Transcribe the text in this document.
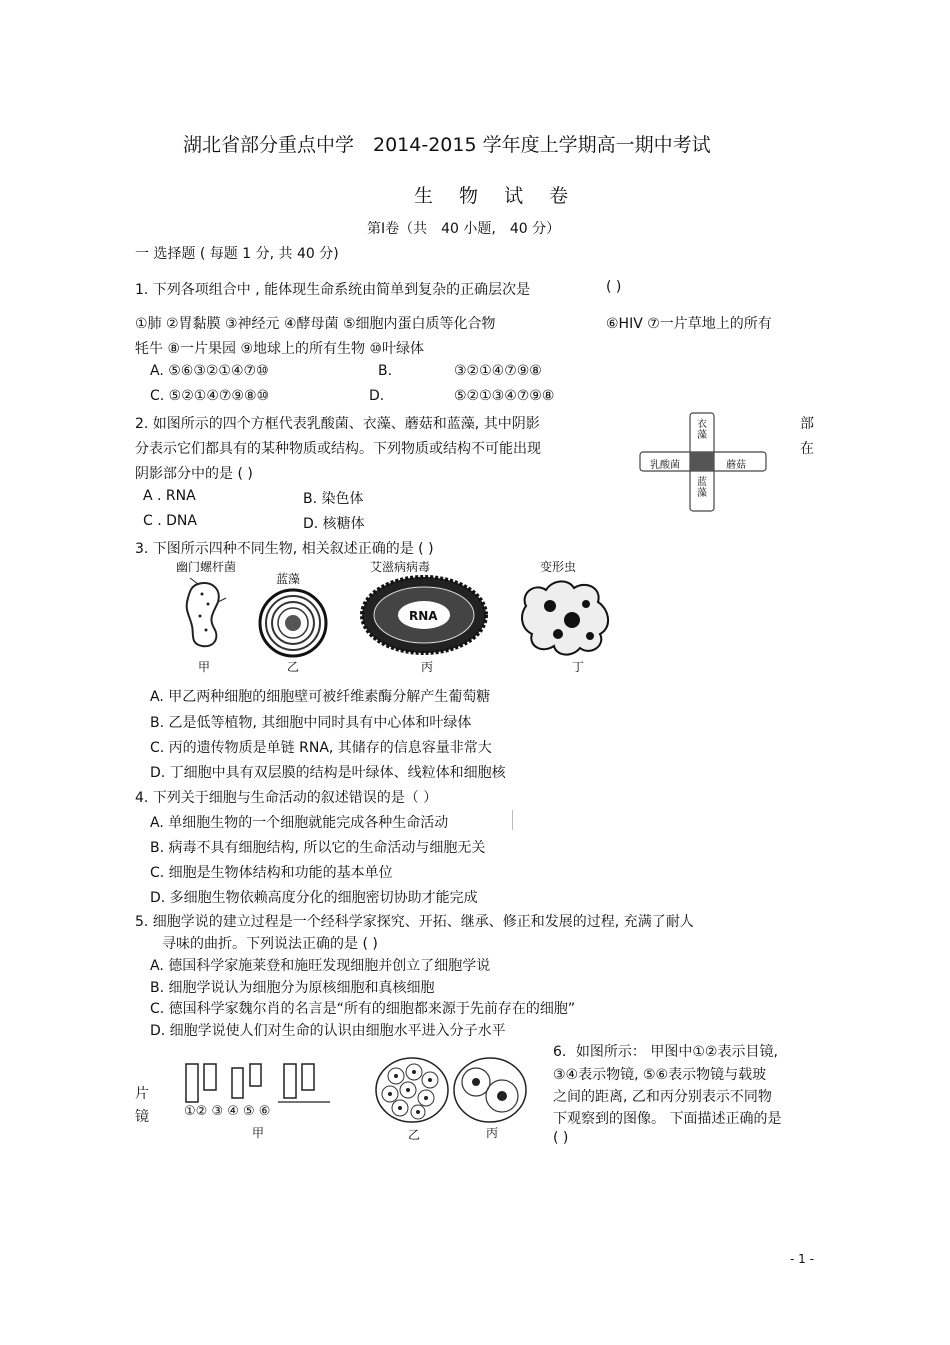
湖北省部分重点中学　2014-2015 学年度上学期高一期中考试
生 物 试 卷
第Ⅰ卷（共　40 小题,　40 分）
一 选择题 ( 每题 1 分, 共 40 分)
1. 下列各项组合中 , 能体现生命系统由简单到复杂的正确层次是	( )
①肺 ②胃黏膜 ③神经元 ④酵母菌 ⑤细胞内蛋白质等化合物	⑥HIV ⑦一片草地上的所有
牦牛 ⑧一片果园 ⑨地球上的所有生物 ⑩叶绿体
A. ⑤⑥③②①④⑦⑩	B.	③②①④⑦⑨⑧
C. ⑤②①④⑦⑨⑧⑩	D.	⑤②①③④⑦⑨⑧
2. 如图所示的四个方框代表乳酸菌、衣藻、蘑菇和蓝藻, 其中阴影	部
分表示它们都具有的某种物质或结构。下列物质或结构不可能出现	在
阴影部分中的是 ( )
A . RNA	B. 染色体
C . DNA	D. 核糖体
衣藻
乳酸菌	蘑菇
蓝藻
3. 下图所示四种不同生物, 相关叙述正确的是 ( )
幽门螺杆菌
甲
蓝藻
乙
艾滋病病毒
RNA
丙
变形虫
丁
A. 甲乙两种细胞的细胞壁可被纤维素酶分解产生葡萄糖
B. 乙是低等植物, 其细胞中同时具有中心体和叶绿体
C. 丙的遗传物质是单链 RNA, 其储存的信息容量非常大
D. 丁细胞中具有双层膜的结构是叶绿体、线粒体和细胞核
4. 下列关于细胞与生命活动的叙述错误的是（ ）
A. 单细胞生物的一个细胞就能完成各种生命活动
B. 病毒不具有细胞结构, 所以它的生命活动与细胞无关
C. 细胞是生物体结构和功能的基本单位
D. 多细胞生物依赖高度分化的细胞密切协助才能完成
5. 细胞学说的建立过程是一个经科学家探究、开拓、继承、修正和发展的过程, 充满了耐人
寻味的曲折。下列说法正确的是 ( )
A. 德国科学家施莱登和施旺发现细胞并创立了细胞学说
B. 细胞学说认为细胞分为原核细胞和真核细胞
C. 德国科学家魏尔肖的名言是“所有的细胞都来源于先前存在的细胞”
D. 细胞学说使人们对生命的认识由细胞水平进入分子水平
6．如图所示： 甲图中①②表示目镜,
③④表示物镜, ⑤⑥表示物镜与载玻
之间的距离, 乙和丙分别表示不同物
下观察到的图像。 下面描述正确的是
( )
片
镜	①② ③ ④ ⑤ ⑥
甲	乙	丙
- 1 -
